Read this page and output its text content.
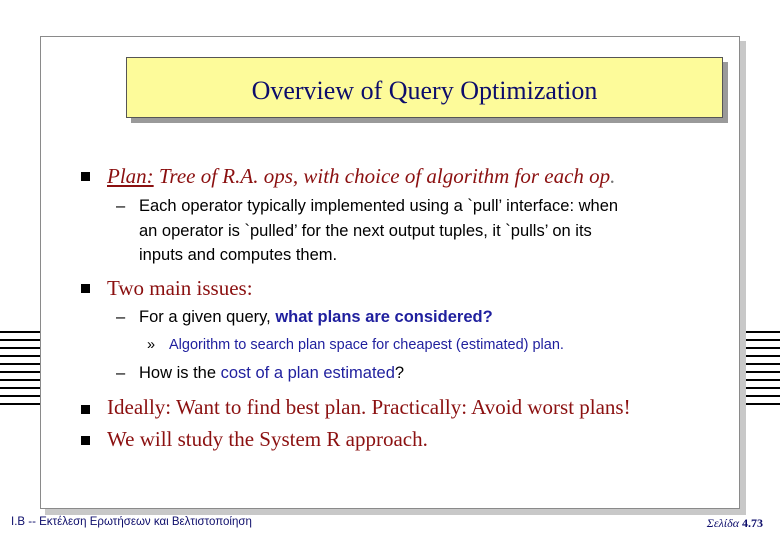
Overview of Query Optimization
Plan: Tree of R.A. ops, with choice of algorithm for each op.
– Each operator typically implemented using a `pull’ interface: when
an operator is `pulled’ for the next output tuples, it `pulls’ on its
inputs and computes them.
Two main issues:
– For a given query, what plans are considered?
» Algorithm to search plan space for cheapest (estimated) plan.
– How is the cost of a plan estimated?
Ideally: Want to find best plan. Practically: Avoid worst plans!
We will study the System R approach.
Ι.Β -- Εκτέλεση Ερωτήσεων και Βελτιστοποίηση	Σελίδα 4.73
